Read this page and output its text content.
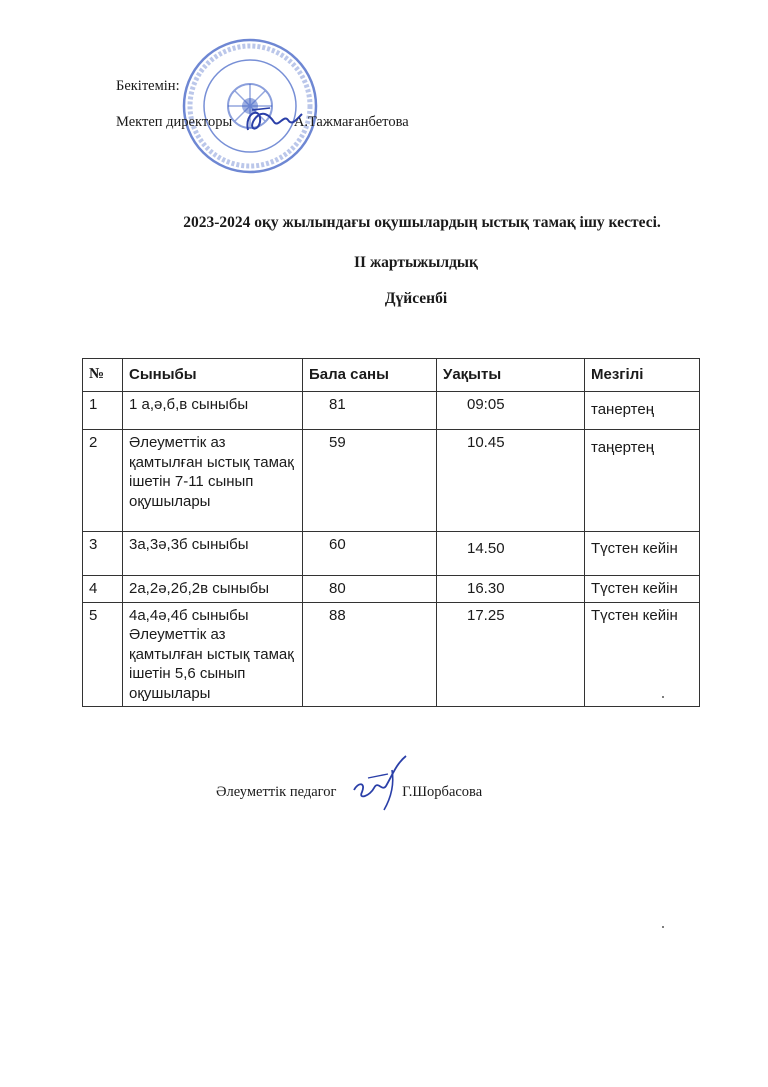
Бекітемін:
Мектеп директоры	А.Тажмағанбетова
2023-2024 оқу жылындағы оқушылардың ыстық тамақ ішу кестесі.
ІІ жартыжылдық
Дүйсенбі
№	Сыныбы	Бала саны	Уақыты	Мезгілі
1	1 а,ә,б,в сыныбы	81	09:05	танертең
2	Әлеуметтік аз қамтылған ыстық тамақ ішетін 7-11 сынып оқушылары	59	10.45	таңертең
3	3а,3ә,3б сыныбы	60	14.50	Түстен кейін
4	2а,2ә,2б,2в сыныбы	80	16.30	Түстен кейін
5	4а,4ә,4б сыныбы Әлеуметтік аз қамтылған ыстық тамақ ішетін 5,6 сынып оқушылары	88	17.25	Түстен кейін
Әлеуметтік педагог	Г.Шорбасова
